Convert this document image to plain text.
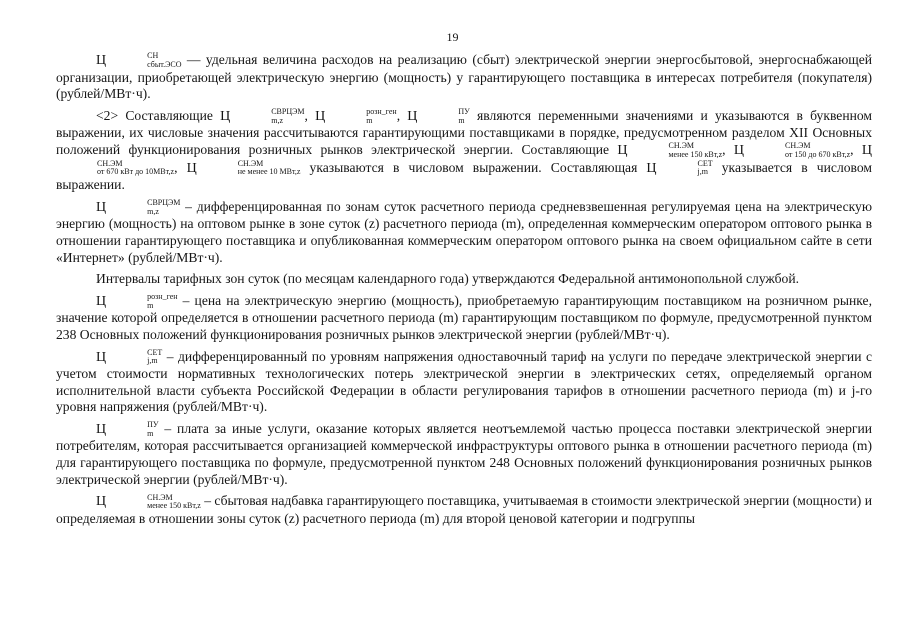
19

Ц	СН
сбыт.ЭСО — удельная величина расходов на реализацию (сбыт) электрической энергии энергосбытовой, энергоснабжающей организации, приобретающей электрическую энергию (мощность) у гарантирующего поставщика в интересах потребителя (покупателя) (рублей/МВт·ч).

<2> Составляющие Ц	СВРЦЭМ
m,z	, Ц	розн_ген
m	, Ц	ПУ
m являются переменными значениями и указываются в буквенном выражении, их числовые значения рассчитываются гарантирующими поставщиками в порядке, предусмотренном разделом XII Основных положений функционирования розничных рынков электрической энергии. Составляющие Ц	СН.ЭМ
менее 150 кВт,z , Ц	СН.ЭМ
от 150 до 670 кВт,z , Ц
СН.ЭМ
от 670 кВт до 10МВт,z , Ц	СН.ЭМ
не менее 10 МВт,z указываются в числовом выражении. Составляющая Ц	СЕТ
j,m указывается в числовом выражении.

Ц	СВРЦЭМ
m,z	– дифференцированная по зонам суток расчетного периода средневзвешенная регулируемая цена на электрическую энергию (мощность) на оптовом рынке в зоне суток (z) расчетного периода (m), определенная коммерческим оператором оптового рынка в отношении гарантирующего поставщика и опубликованная коммерческим оператором оптового рынка на своем официальном сайте в сети «Интернет» (рублей/МВт·ч).

Интервалы тарифных зон суток (по месяцам календарного года) утверждаются Федеральной антимонопольной службой.

Ц	розн_ген
m	– цена на электрическую энергию (мощность), приобретаемую гарантирующим поставщиком на розничном рынке, значение которой определяется в отношении расчетного периода (m) гарантирующим поставщиком по формуле, предусмотренной пунктом 238 Основных положений функционирования розничных рынков электрической энергии (рублей/МВт·ч).

Ц	СЕТ
j,m – дифференцированный по уровням напряжения одноставочный тариф на услуги по передаче электрической энергии с учетом стоимости нормативных технологических потерь электрической энергии в электрических сетях, определяемый органом исполнительной власти субъекта Российской Федерации в области регулирования тарифов в отношении расчетного периода (m) и j-го уровня напряжения (рублей/МВт·ч).

Ц	ПУ
m – плата за иные услуги, оказание которых является неотъемлемой частью процесса поставки электрической энергии потребителям, которая рассчитывается организацией коммерческой инфраструктуры оптового рынка в отношении расчетного периода (m) для гарантирующего поставщика по формуле, предусмотренной пунктом 248 Основных положений функционирования розничных рынков электрической энергии (рублей/МВт·ч).

Ц	СН.ЭМ
менее 150 кВт,z – сбытовая надбавка гарантирующего поставщика, учитываемая в стоимости электрической энергии (мощности) и определяемая в отношении зоны суток (z) расчетного периода (m) для второй ценовой категории и подгруппы
